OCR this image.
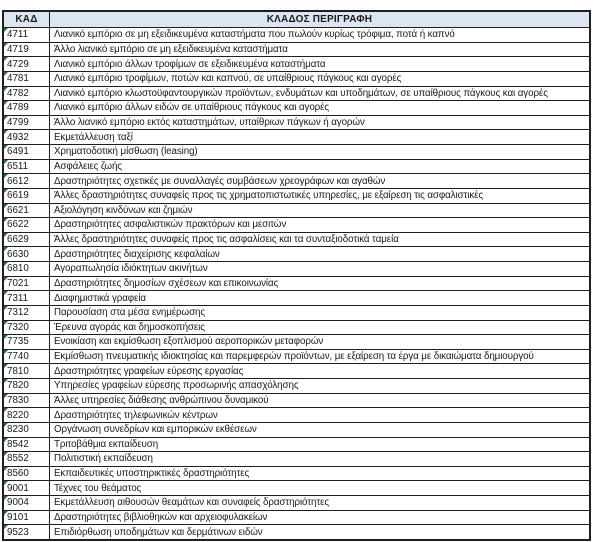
ΚΑΔ	ΚΛΑΔΟΣ ΠΕΡΙΓΡΑΦΗ

4711	Λιανικό εμπόριο σε μη εξειδικευμένα καταστήματα που πωλούν κυρίως τρόφιμα, ποτά ή καπνό

4719	Άλλο λιανικό εμπόριο σε μη εξειδικευμένα καταστήματα

4729	Λιανικό εμπόριο άλλων τροφίμων σε εξειδικευμένα καταστήματα

4781	Λιανικό εμπόριο τροφίμων, ποτών και καπνού, σε υπαίθριους πάγκους και αγορές

4782	Λιανικό εμπόριο κλωστοϋφαντουργικών προϊόντων, ενδυμάτων και υποδημάτων, σε υπαίθριους πάγκους και αγορές

4789	Λιανικό εμπόριο άλλων ειδών σε υπαίθριους πάγκους και αγορές

4799	Άλλο λιανικό εμπόριο εκτός καταστημάτων, υπαίθριων πάγκων ή αγορών

4932	Εκμετάλλευση ταξί

6491	Χρηματοδοτική μίσθωση (leasing)

6511	Ασφάλειες ζωής

6612	Δραστηριότητες σχετικές με συναλλαγές συμβάσεων χρεογράφων και αγαθών

6619	Άλλες δραστηριότητες συναφείς προς τις χρηματοπιστωτικές υπηρεσίες, με εξαίρεση τις ασφαλιστικές

6621	Αξιολόγηση κινδύνων και ζημιών

6622	Δραστηριότητες ασφαλιστικών πρακτόρων και μεσιτών

6629	Άλλες δραστηριότητες συναφείς προς τις ασφαλίσεις και τα συνταξιοδοτικά ταμεία

6630	Δραστηριότητες διαχείρισης κεφαλαίων

6810	Αγοραπωλησία ιδιόκτητων ακινήτων

7021	Δραστηριότητες δημοσίων σχέσεων και επικοινωνίας

7311	Διαφημιστικά γραφεία

7312	Παρουσίαση στα μέσα ενημέρωσης

7320	Έρευνα αγοράς και δημοσκοπήσεις

7735	Ενοικίαση και εκμίσθωση εξοπλισμού αεροπορικών μεταφορών

7740	Εκμίσθωση πνευματικής ιδιοκτησίας και παρεμφερών προϊόντων, με εξαίρεση τα έργα με δικαιώματα δημιουργού

7810	Δραστηριότητες γραφείων εύρεσης εργασίας

7820	Υπηρεσίες γραφείων εύρεσης προσωρινής απασχόλησης

7830	Άλλες υπηρεσίες διάθεσης ανθρώπινου δυναμικού

8220	Δραστηριότητες τηλεφωνικών κέντρων

8230	Οργάνωση συνεδρίων και εμπορικών εκθέσεων

8542	Τριτοβάθμια εκπαίδευση

8552	Πολιτιστική εκπαίδευση

8560	Εκπαιδευτικές υποστηρικτικές δραστηριότητες

9001	Τέχνες του θεάματος

9004	Εκμετάλλευση αιθουσών θεαμάτων και συναφείς δραστηριότητες

9101	Δραστηριότητες βιβλιοθηκών και αρχειοφυλακείων

9523	Επιδιόρθωση υποδημάτων και δερμάτινων ειδών
